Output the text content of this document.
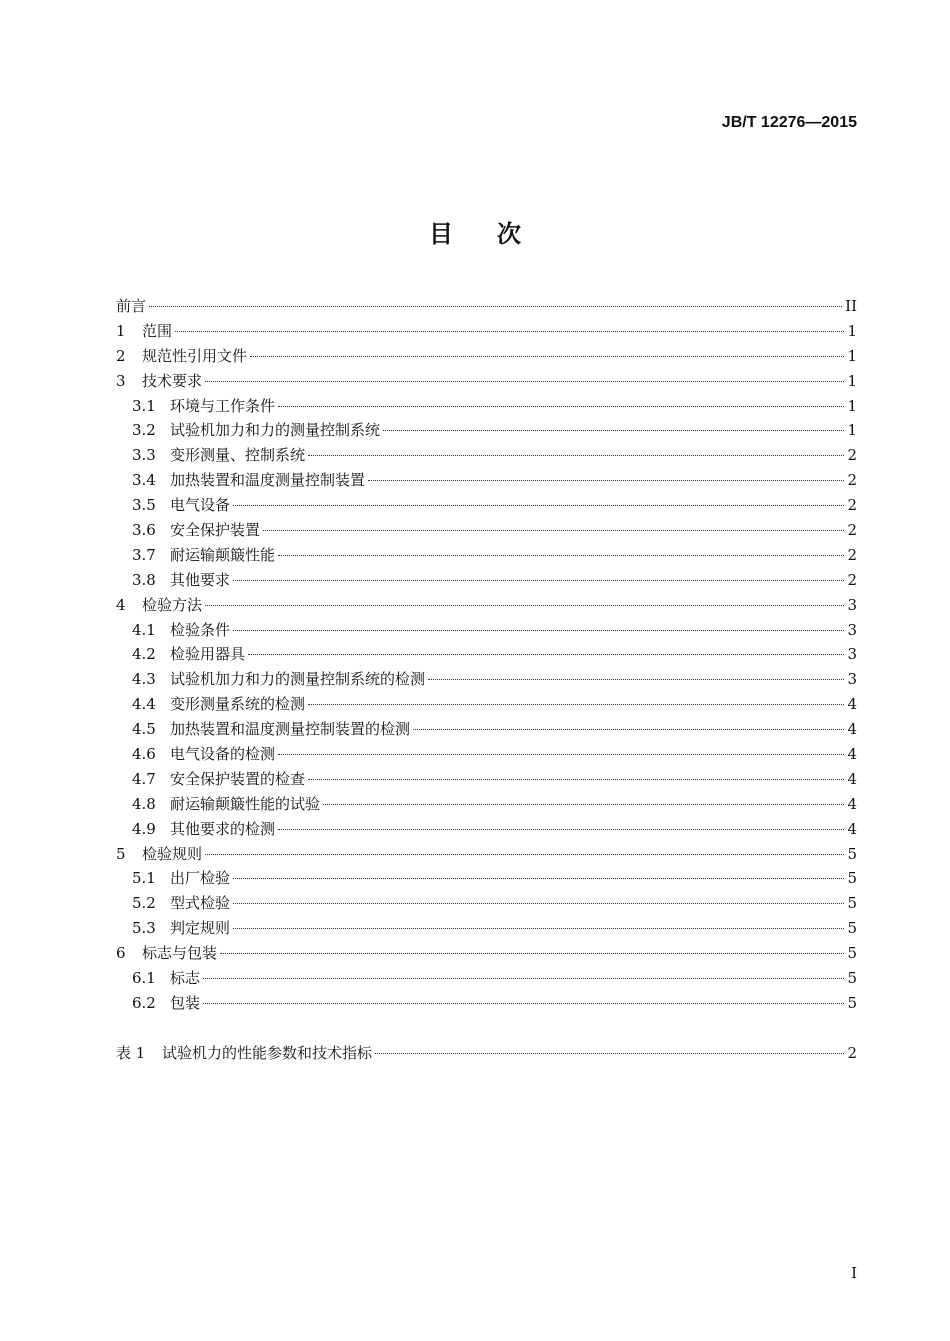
JB/T 12276—2015
目次
前言	II
1	范围	1
2	规范性引用文件	1
3	技术要求	1
3.1 环境与工作条件	1
3.2 试验机加力和力的测量控制系统	1
3.3 变形测量、控制系统	2
3.4 加热装置和温度测量控制装置	2
3.5 电气设备	2
3.6 安全保护装置	2
3.7 耐运输颠簸性能	2
3.8 其他要求	2
4	检验方法	3
4.1 检验条件	3
4.2 检验用器具	3
4.3 试验机加力和力的测量控制系统的检测	3
4.4 变形测量系统的检测	4
4.5 加热装置和温度测量控制装置的检测	4
4.6 电气设备的检测	4
4.7 安全保护装置的检查	4
4.8 耐运输颠簸性能的试验	4
4.9 其他要求的检测	4
5	检验规则	5
5.1 出厂检验	5
5.2 型式检验	5
5.3 判定规则	5
6	标志与包装	5
6.1 标志	5
6.2 包装	5
表 1	试验机力的性能参数和技术指标	2
I
